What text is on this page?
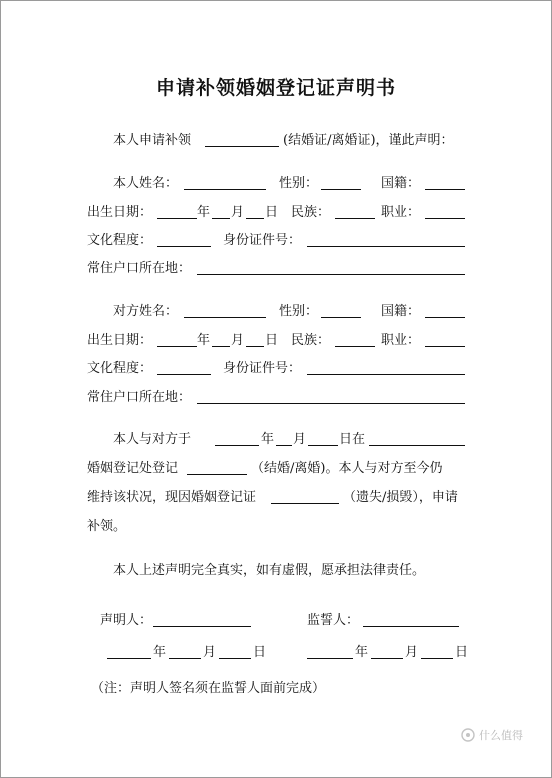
申请补领婚姻登记证声明书
本人申请补领	(结婚证/离婚证)，谨此声明：
本人姓名：	性别：	国籍：
出生日期：	年 月 日 民族：	职业：
文化程度：	身份证件号：
常住户口所在地：
对方姓名：	性别：	国籍：
出生日期：	年 月 日 民族：	职业：
文化程度：	身份证件号：
常住户口所在地：
本人与对方于	年 月	日在
婚姻登记处登记	（结婚/离婚)。本人与对方至今仍
维持该状况，现因婚姻登记证	（遗失/损毁），申请
补领。
本人上述声明完全真实，如有虚假，愿承担法律责任。
声明人：	监誓人：
年	月	日	年	月	日
（注：声明人签名须在监誓人面前完成）
什么值得
